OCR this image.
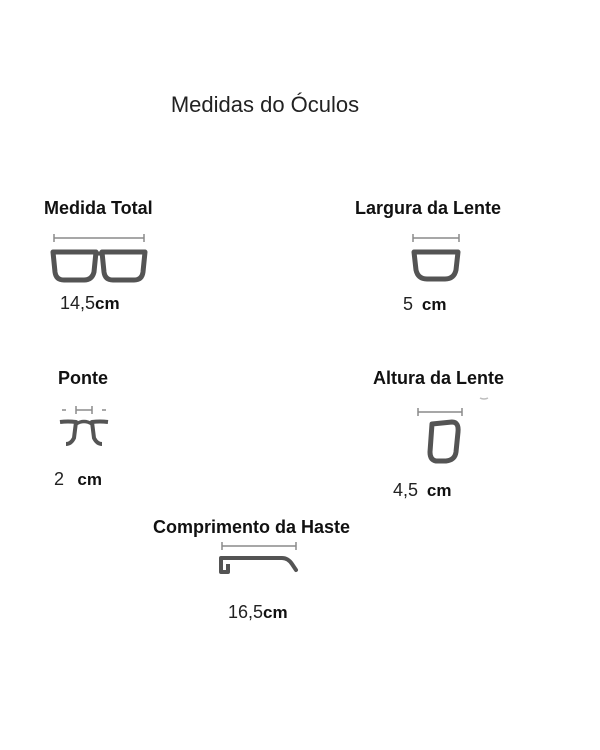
Medidas do Óculos
Medida Total
14,5cm
Largura da Lente
5 cm
Ponte
2 cm
Altura da Lente
4,5 cm
Comprimento da Haste
16,5cm
